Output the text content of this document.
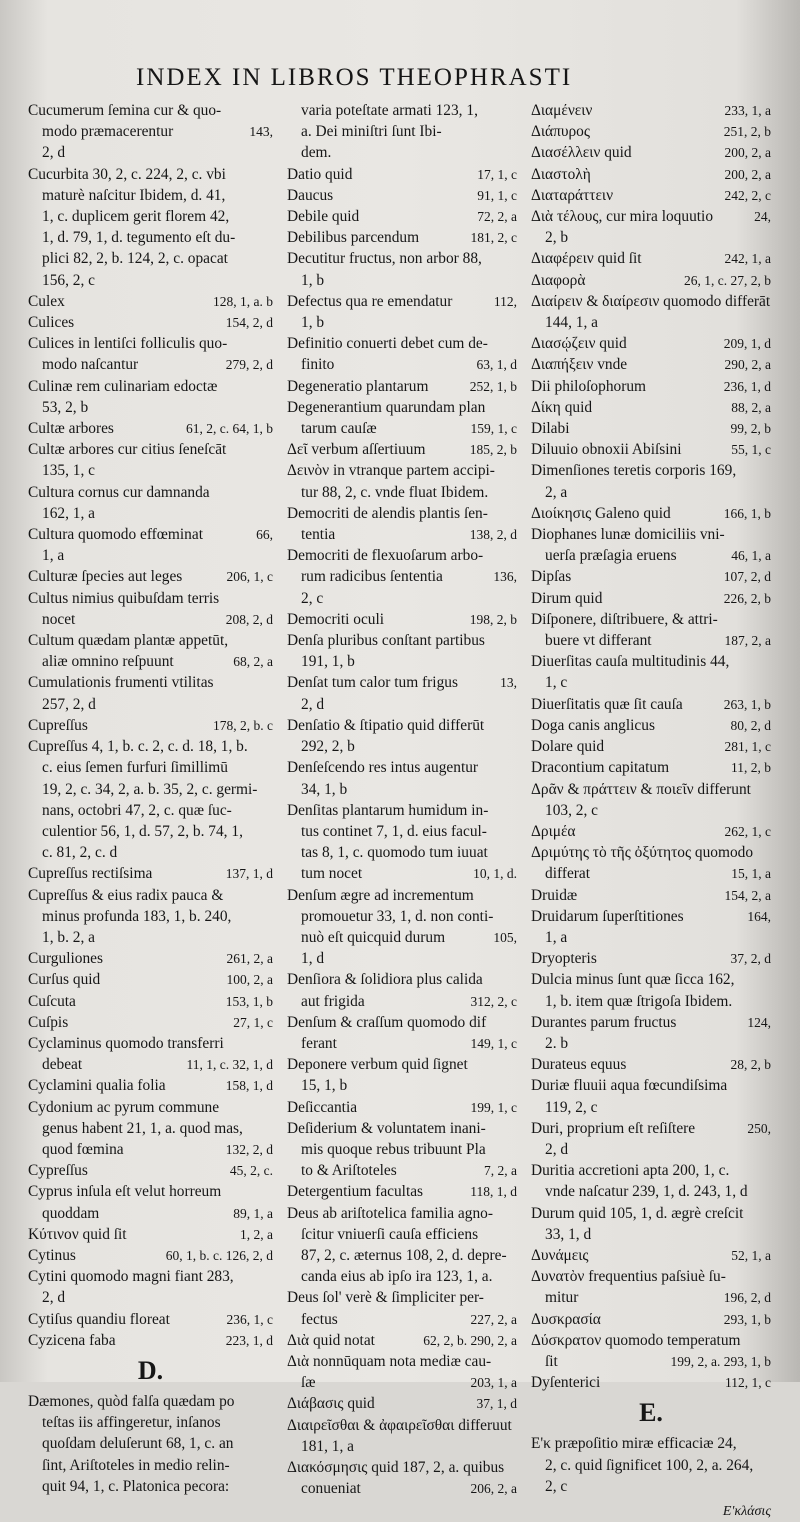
INDEX IN LIBROS THEOPHRASTI
Cucumerum ſemina cur & quo-
modo præmacerentur	143,
2, d
Cucurbita 30, 2, c. 224, 2, c. vbi
maturè naſcitur Ibidem, d. 41,
1, c. duplicem gerit florem 42,
1, d. 79, 1, d. tegumento eſt du-
plici 82, 2, b. 124, 2, c. opacat
156, 2, c
Culex	128, 1, a. b
Culices	154, 2, d
Culices in lentiſci folliculis quo-
modo naſcantur	279, 2, d
Culinæ rem culinariam edoctæ
53, 2, b
Cultæ arbores	61, 2, c. 64, 1, b
Cultæ arbores cur citius ſeneſcāt
135, 1, c
Cultura cornus cur damnanda
162, 1, a
Cultura quomodo effœminat	66,
1, a
Culturæ ſpecies aut leges	206, 1, c
Cultus nimius quibuſdam terris
nocet	208, 2, d
Cultum quædam plantæ appetūt,
aliæ omnino reſpuunt	68, 2, a
Cumulationis frumenti vtilitas
257, 2, d
Cupreſſus	178, 2, b. c
Cupreſſus 4, 1, b. c. 2, c. d. 18, 1, b.
c. eius ſemen furfuri ſimillimū
19, 2, c. 34, 2, a. b. 35, 2, c. germi-
nans, octobri 47, 2, c. quæ ſuc-
culentior 56, 1, d. 57, 2, b. 74, 1,
c. 81, 2, c. d
Cupreſſus rectiſsima	137, 1, d
Cupreſſus & eius radix pauca &
minus profunda 183, 1, b. 240,
1, b. 2, a
Curguliones	261, 2, a
Curſus quid	100, 2, a
Cuſcuta	153, 1, b
Cuſpis	27, 1, c
Cyclaminus quomodo transferri
debeat	11, 1, c. 32, 1, d
Cyclamini qualia folia	158, 1, d
Cydonium ac pyrum commune
genus habent 21, 1, a. quod mas,
quod fœmina	132, 2, d
Cypreſſus	45, 2, c.
Cyprus inſula eſt velut horreum
quoddam	89, 1, a
Κύτινον quid ſit	1, 2, a
Cytinus	60, 1, b. c. 126, 2, d
Cytini quomodo magni fiant 283,
2, d
Cytiſus quandiu floreat	236, 1, c
Cyzicena faba	223, 1, d
D.
Dæmones, quòd falſa quædam po
teſtas iis affingeretur, inſanos
quoſdam deluſerunt 68, 1, c. an
ſint, Ariſtoteles in medio relin-
quit 94, 1, c. Platonica pecora:
varia poteſtate armati 123, 1,
a. Dei miniſtri ſunt Ibi-
dem.
Datio quid	17, 1, c
Daucus	91, 1, c
Debile quid	72, 2, a
Debilibus parcendum	181, 2, c
Decutitur fructus, non arbor 88,
1, b
Defectus qua re emendatur	112,
1, b
Definitio conuerti debet cum de-
finito	63, 1, d
Degeneratio plantarum	252, 1, b
Degenerantium quarundam plan
tarum cauſæ	159, 1, c
Δεῖ verbum aſſertiuum	185, 2, b
Δεινὸν in vtranque partem accipi-
tur 88, 2, c. vnde fluat Ibidem.
Democriti de alendis plantis ſen-
tentia	138, 2, d
Democriti de flexuoſarum arbo-
rum radicibus ſententia	136,
2, c
Democriti oculi	198, 2, b
Denſa pluribus conſtant partibus
191, 1, b
Denſat tum calor tum frigus	13,
2, d
Denſatio & ſtipatio quid differūt
292, 2, b
Denſeſcendo res intus augentur
34, 1, b
Denſitas plantarum humidum in-
tus continet 7, 1, d. eius facul-
tas 8, 1, c. quomodo tum iuuat
tum nocet	10, 1, d.
Denſum ægre ad incrementum
promouetur 33, 1, d. non conti-
nuò eſt quicquid durum	105,
1, d
Denſiora & ſolidiora plus calida
aut frigida	312, 2, c
Denſum & craſſum quomodo dif
ferant	149, 1, c
Deponere verbum quid ſignet
15, 1, b
Deſiccantia	199, 1, c
Deſiderium & voluntatem inani-
mis quoque rebus tribuunt Pla
to & Ariſtoteles	7, 2, a
Detergentium facultas	118, 1, d
Deus ab ariſtotelica familia agno-
ſcitur vniuerſi cauſa efficiens
87, 2, c. æternus 108, 2, d. depre-
canda eius ab ipſo ira 123, 1, a.
Deus ſol' verè & ſimpliciter per-
fectus	227, 2, a
Διὰ quid notat	62, 2, b. 290, 2, a
Διὰ nonnūquam nota mediæ cau-
ſæ	203, 1, a
Διάβασις quid	37, 1, d
Διαιρεῖσθαι & ἀφαιρεῖσθαι differuut
181, 1, a
Διακόσμησις quid 187, 2, a. quibus
conueniat	206, 2, a
Διαμένειν	233, 1, a
Διάπυρος	251, 2, b
Διασέλλειν quid	200, 2, a
Διαστολὴ	200, 2, a
Διαταράττειν	242, 2, c
Διὰ τέλους, cur mira loquutio	24,
2, b
Διαφέρειν quid ſit	242, 1, a
Διαφορὰ	26, 1, c. 27, 2, b
Διαίρειν & διαίρεσιν quomodo differāt
144, 1, a
Διασῴζειν quid	209, 1, d
Διαπήξειν vnde	290, 2, a
Dii philoſophorum	236, 1, d
Δίκη quid	88, 2, a
Dilabi	99, 2, b
Diluuio obnoxii Abiſsini	55, 1, c
Dimenſiones teretis corporis 169,
2, a
Διοίκησις Galeno quid	166, 1, b
Diophanes lunæ domiciliis vni-
uerſa præſagia eruens	46, 1, a
Dipſas	107, 2, d
Dirum quid	226, 2, b
Diſponere, diſtribuere, & attri-
buere vt differant	187, 2, a
Diuerſitas cauſa multitudinis 44,
1, c
Diuerſitatis quæ ſit cauſa	263, 1, b
Doga canis anglicus	80, 2, d
Dolare quid	281, 1, c
Dracontium capitatum	11, 2, b
Δρᾶν & πράττειν & ποιεῖν differunt
103, 2, c
Δριμέα	262, 1, c
Δριμύτης τὸ τῆς ὀξύτητος quomodo
differat	15, 1, a
Druidæ	154, 2, a
Druidarum ſuperſtitiones	164,
1, a
Dryopteris	37, 2, d
Dulcia minus ſunt quæ ſicca 162,
1, b. item quæ ſtrigoſa Ibidem.
Durantes parum fructus	124,
2. b
Durateus equus	28, 2, b
Duriæ fluuii aqua fœcundiſsima
119, 2, c
Duri, proprium eſt reſiſtere	250,
2, d
Duritia accretioni apta 200, 1, c.
vnde naſcatur 239, 1, d. 243, 1, d
Durum quid 105, 1, d. ægrè creſcit
33, 1, d
Δυνάμεις	52, 1, a
Δυνατὸν frequentius paſsiuè ſu-
mitur	196, 2, d
Δυσκρασία	293, 1, b
Δύσκρατον quomodo temperatum
ſit	199, 2, a. 293, 1, b
Dyſenterici	112, 1, c
E.
E'κ præpoſitio miræ efficaciæ 24,
2, c. quid ſignificet 100, 2, a. 264,
2, c
E'κλάσις
